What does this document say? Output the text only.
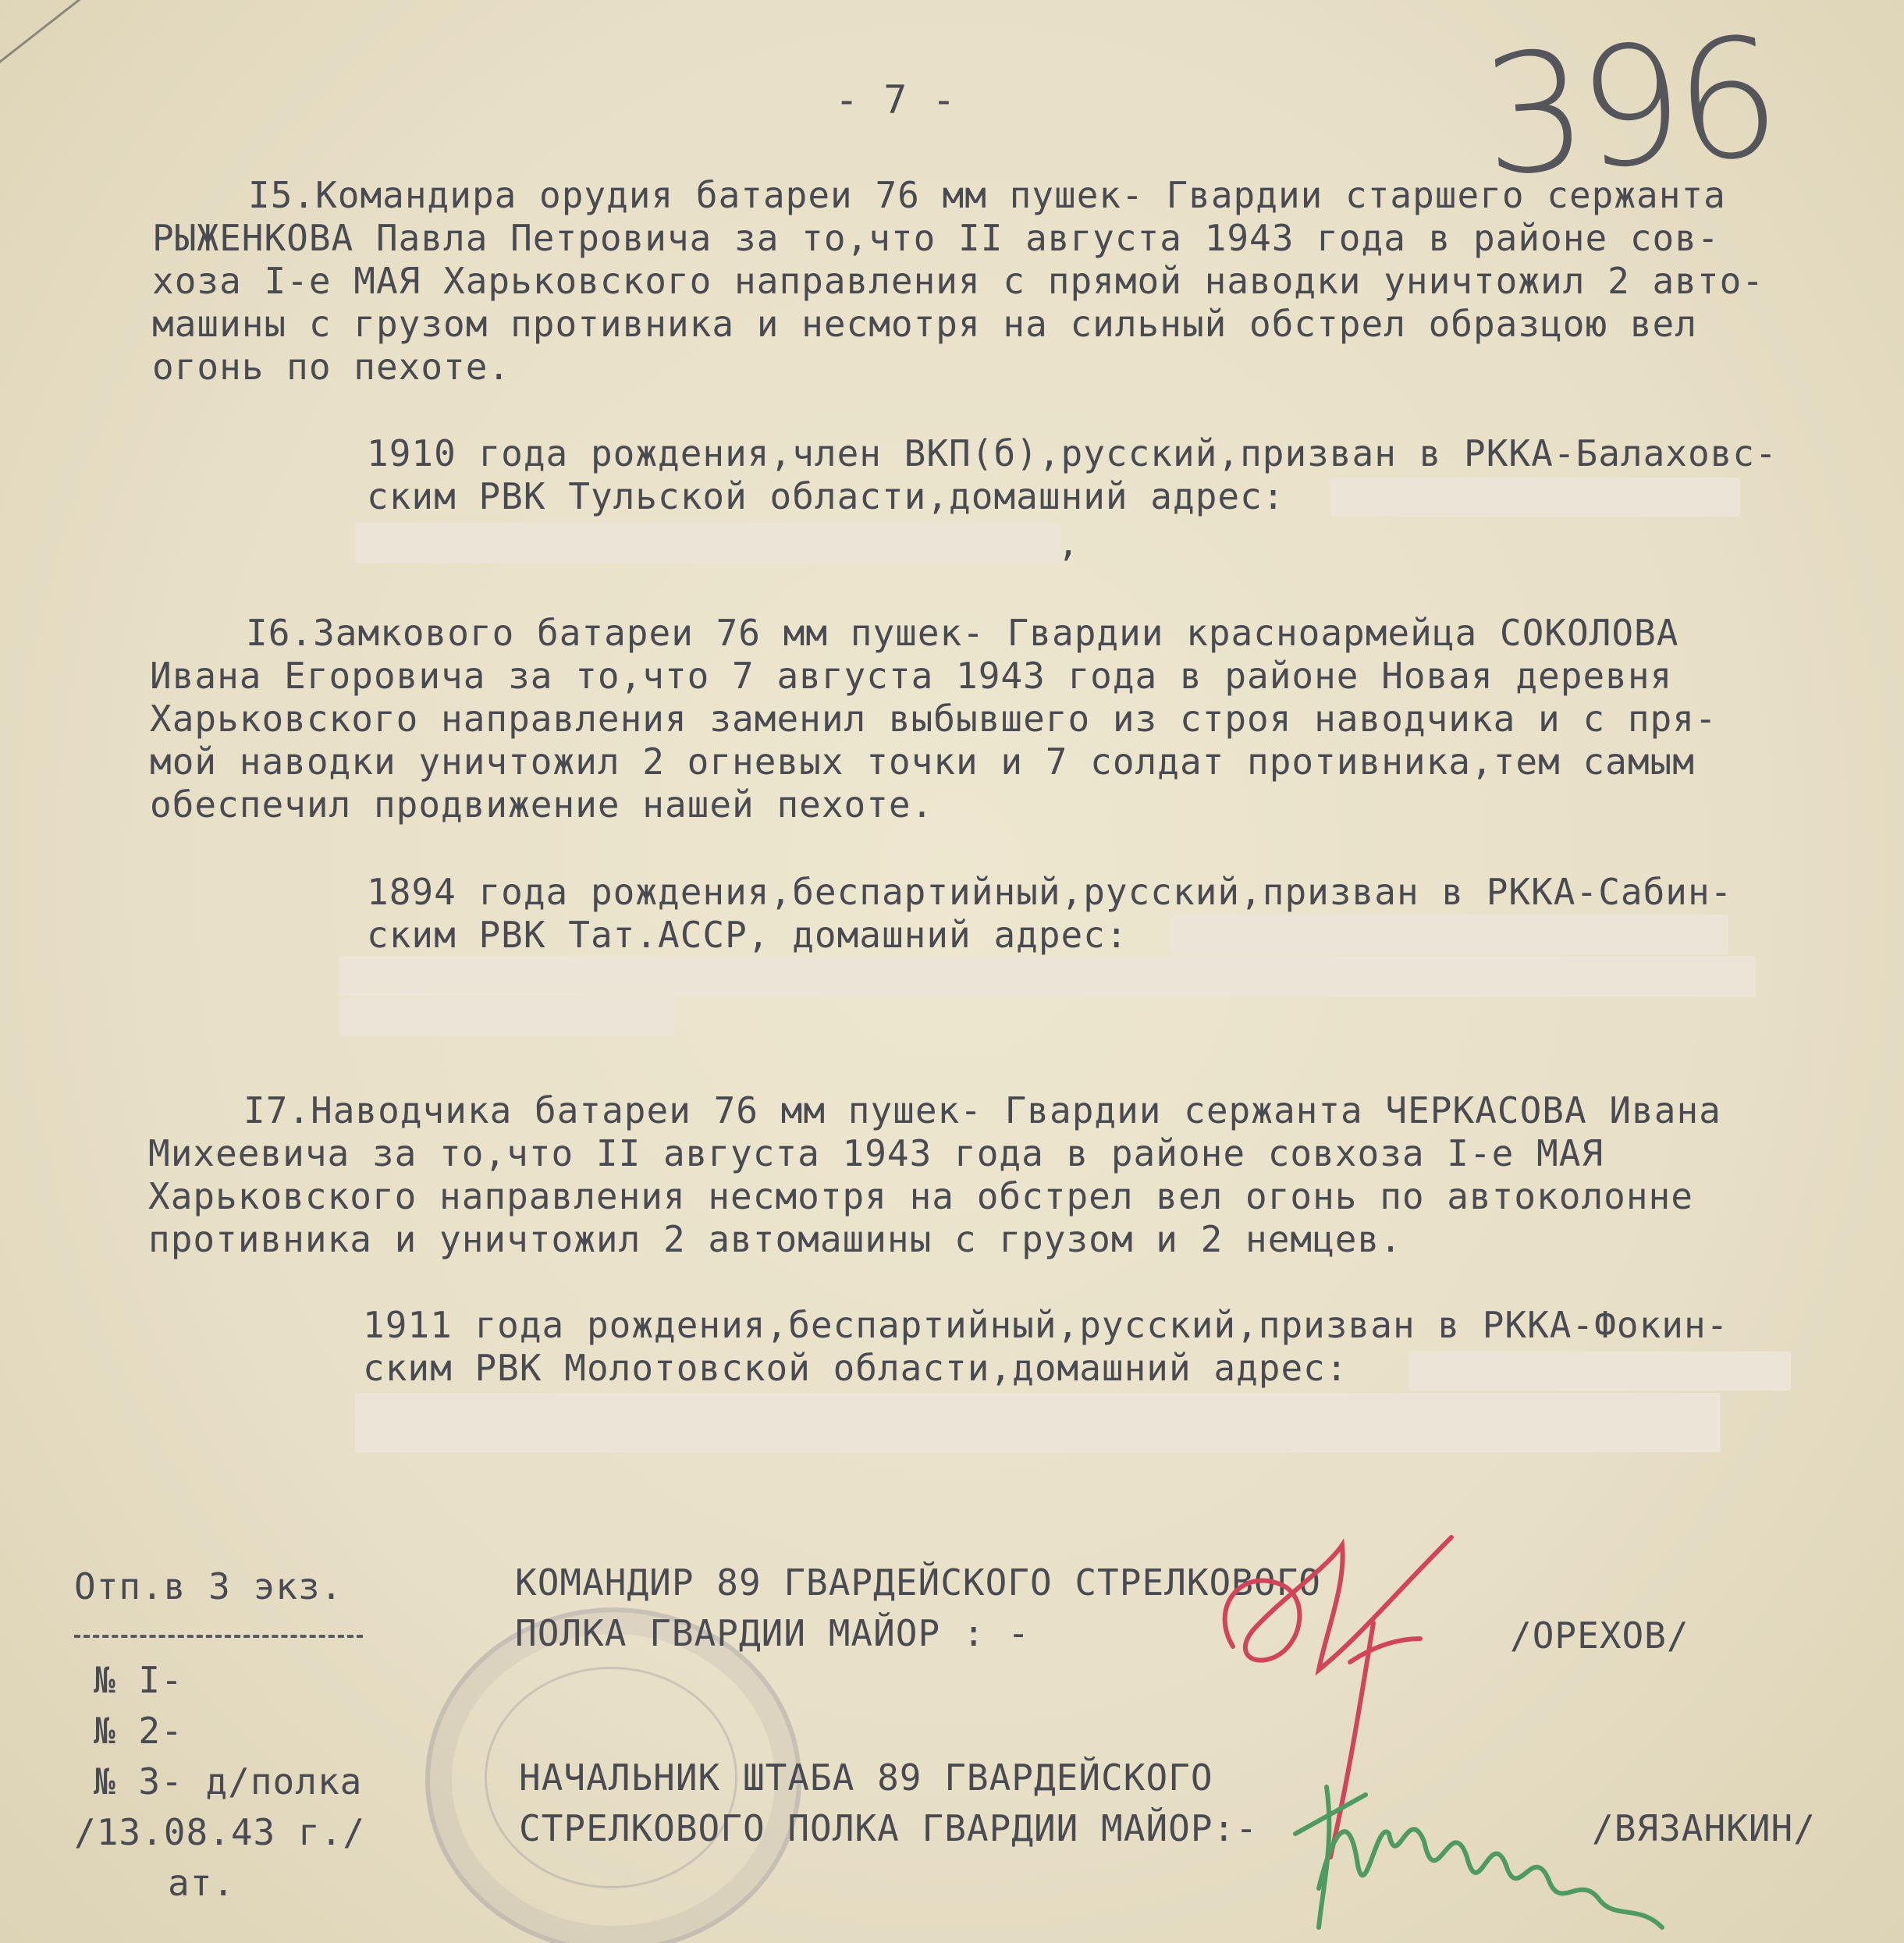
396
- 7 -
I5.Командира орудия батареи 76 мм пушек- Гвардии старшего сержанта
РЫЖЕНКОВА Павла Петровича за то,что II августа 1943 года в районе сов-
хоза I-е МАЯ Харьковского направления с прямой наводки уничтожил 2 авто-
машины с грузом противника и несмотря на сильный обстрел образцою вел
огонь по пехоте.
1910 года рождения,член ВКП(б),русский,призван в РККА-Балаховс-
ским РВК Тульской области,домашний адрес:
,
I6.Замкового батареи 76 мм пушек- Гвардии красноармейца СОКОЛОВА
Ивана Егоровича за то,что 7 августа 1943 года в районе Новая деревня
Харьковского направления заменил выбывшего из строя наводчика и с пря-
мой наводки уничтожил 2 огневых точки и 7 солдат противника,тем самым
обеспечил продвижение нашей пехоте.
1894 года рождения,беспартийный,русский,призван в РККА-Сабин-
ским РВК Тат.АССР, домашний адрес:
I7.Наводчика батареи 76 мм пушек- Гвардии сержанта ЧЕРКАСОВА Ивана
Михеевича за то,что II августа 1943 года в районе совхоза I-е МАЯ
Харьковского направления несмотря на обстрел вел огонь по автоколонне
противника и уничтожил 2 автомашины с грузом и 2 немцев.
1911 года рождения,беспартийный,русский,призван в РККА-Фокин-
ским РВК Молотовской области,домашний адрес:
Отп.в 3 экз.
№ I-
№ 2-
№ 3- д/полка
/13.08.43 г./
ат.
КОМАНДИР 89 ГВАРДЕЙСКОГО СТРЕЛКОВОГО
ПОЛКА ГВАРДИИ МАЙОР : -	/ОРЕХОВ/
НАЧАЛЬНИК ШТАБА 89 ГВАРДЕЙСКОГО
СТРЕЛКОВОГО ПОЛКА ГВАРДИИ МАЙОР:-	/ВЯЗАНКИН/
